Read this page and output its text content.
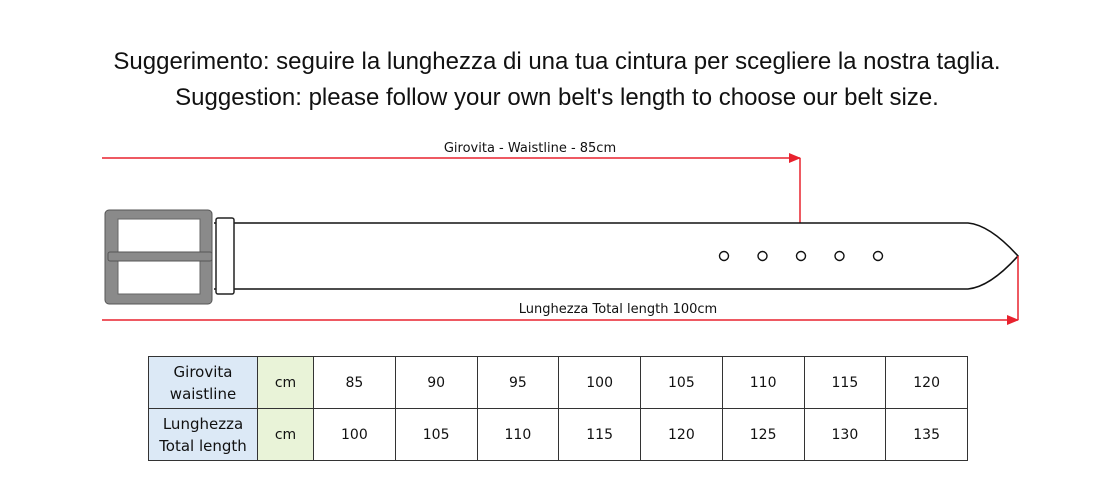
Suggerimento: seguire la lunghezza di una tua cintura per scegliere la nostra taglia.
Suggestion: please follow your own belt's length to choose our belt size.
Girovita - Waistline - 85cm
Lunghezza Total length 100cm
Girovita
waistline	cm	85	90	95	100	105	110	115	120

Lunghezza
Total length	cm	100	105	110	115	120	125	130	135
